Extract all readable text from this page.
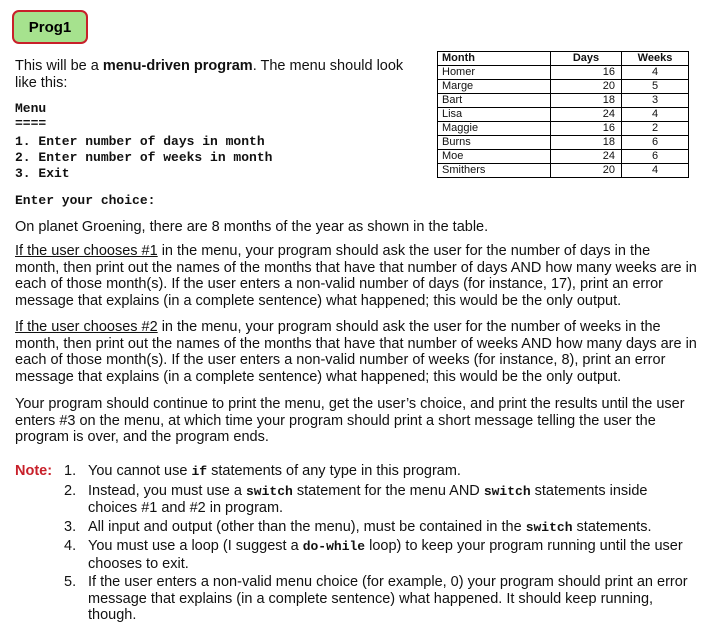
Prog1
This will be a menu-driven program. The menu should look like this:
Menu
====
1. Enter number of days in month
2. Enter number of weeks in month
3. Exit
Enter your choice:
Month	Days	Weeks
Homer	16	4
Marge	20	5
Bart	18	3
Lisa	24	4
Maggie	16	2
Burns	18	6
Moe	24	6
Smithers	20	4
On planet Groening, there are 8 months of the year as shown in the table.
If the user chooses #1 in the menu, your program should ask the user for the number of days in the month, then print out the names of the months that have that number of days AND how many weeks are in each of those month(s). If the user enters a non-valid number of days (for instance, 17), print an error message that explains (in a complete sentence) what happened; this would be the only output.
If the user chooses #2 in the menu, your program should ask the user for the number of weeks in the month, then print out the names of the months that have that number of weeks AND how many days are in each of those month(s). If the user enters a non-valid number of weeks (for instance, 8), print an error message that explains (in a complete sentence) what happened; this would be the only output.
Your program should continue to print the menu, get the user’s choice, and print the results until the user enters #3 on the menu, at which time your program should print a short message telling the user the program is over, and the program ends.
Note: 1. You cannot use if statements of any type in this program.
2. Instead, you must use a switch statement for the menu AND switch statements inside choices #1 and #2 in program.
3. All input and output (other than the menu), must be contained in the switch statements.
4. You must use a loop (I suggest a do-while loop) to keep your program running until the user chooses to exit.
5. If the user enters a non-valid menu choice (for example, 0) your program should print an error message that explains (in a complete sentence) what happened. It should keep running, though.
